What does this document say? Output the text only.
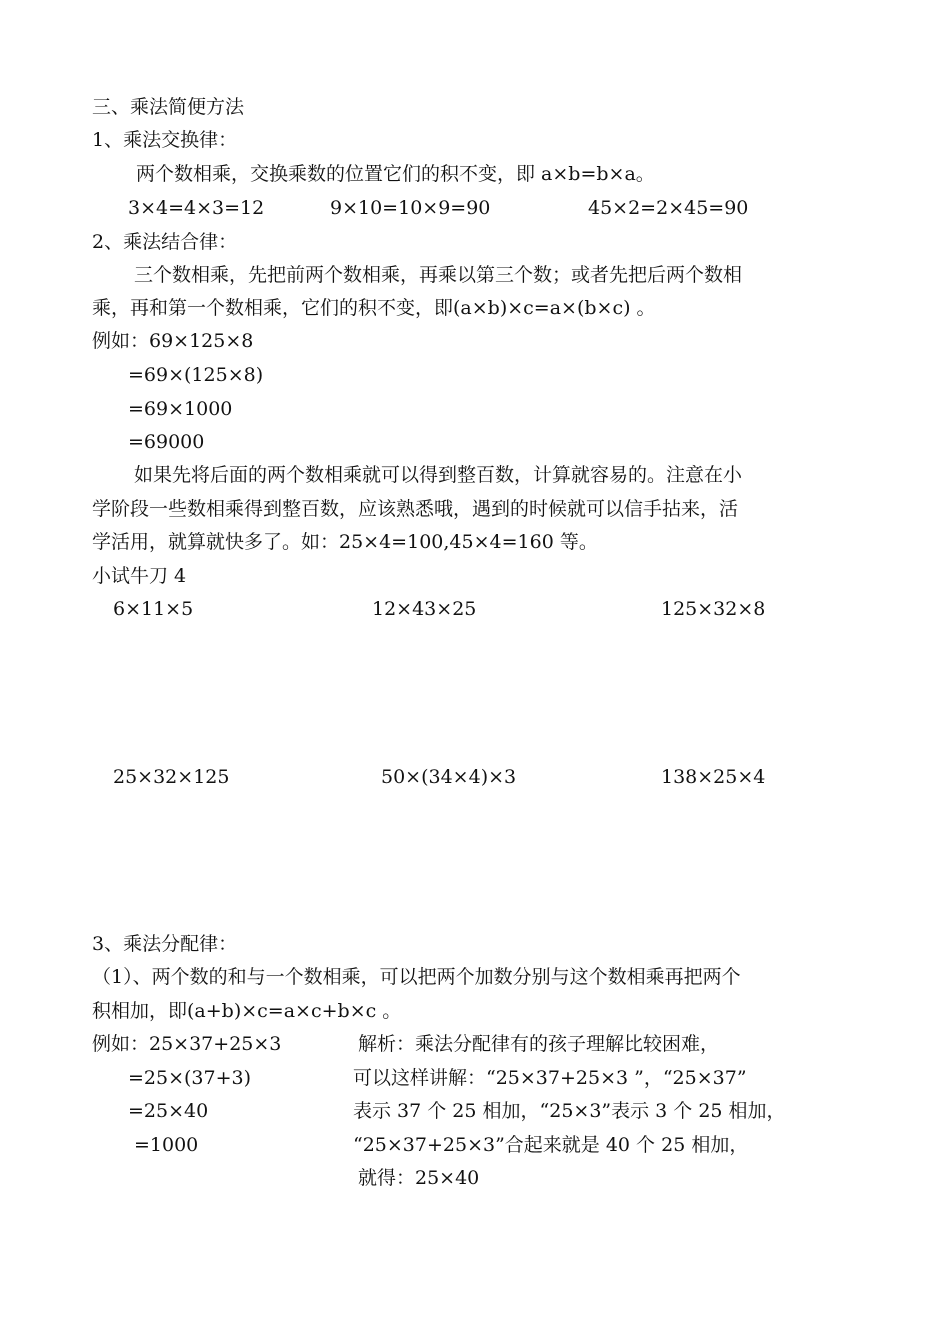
三、乘法简便方法
1、乘法交换律：
两个数相乘，交换乘数的位置它们的积不变，即 a×b=b×a。
3×4=4×3=12	9×10=10×9=90	45×2=2×45=90
2、乘法结合律：
三个数相乘，先把前两个数相乘，再乘以第三个数；或者先把后两个数相
乘，再和第一个数相乘，它们的积不变，即(a×b)×c=a×(b×c) 。
例如：69×125×8
=69×(125×8)
=69×1000
=69000
如果先将后面的两个数相乘就可以得到整百数，计算就容易的。注意在小
学阶段一些数相乘得到整百数，应该熟悉哦，遇到的时候就可以信手拈来，活
学活用，就算就快多了。如：25×4=100,45×4=160 等。
小试牛刀 4
6×11×5	12×43×25	125×32×8
25×32×125	50×(34×4)×3	138×25×4
3、乘法分配律：
（1）、两个数的和与一个数相乘，可以把两个加数分别与这个数相乘再把两个
积相加，即(a+b)×c=a×c+b×c 。
例如：25×37+25×3
=25×(37+3)
=25×40
=1000
解析：乘法分配律有的孩子理解比较困难，
可以这样讲解：“25×37+25×3 ”，“25×37”
表示 37 个 25 相加，“25×3”表示 3 个 25 相加，
“25×37+25×3”合起来就是 40 个 25 相加，
就得：25×40
